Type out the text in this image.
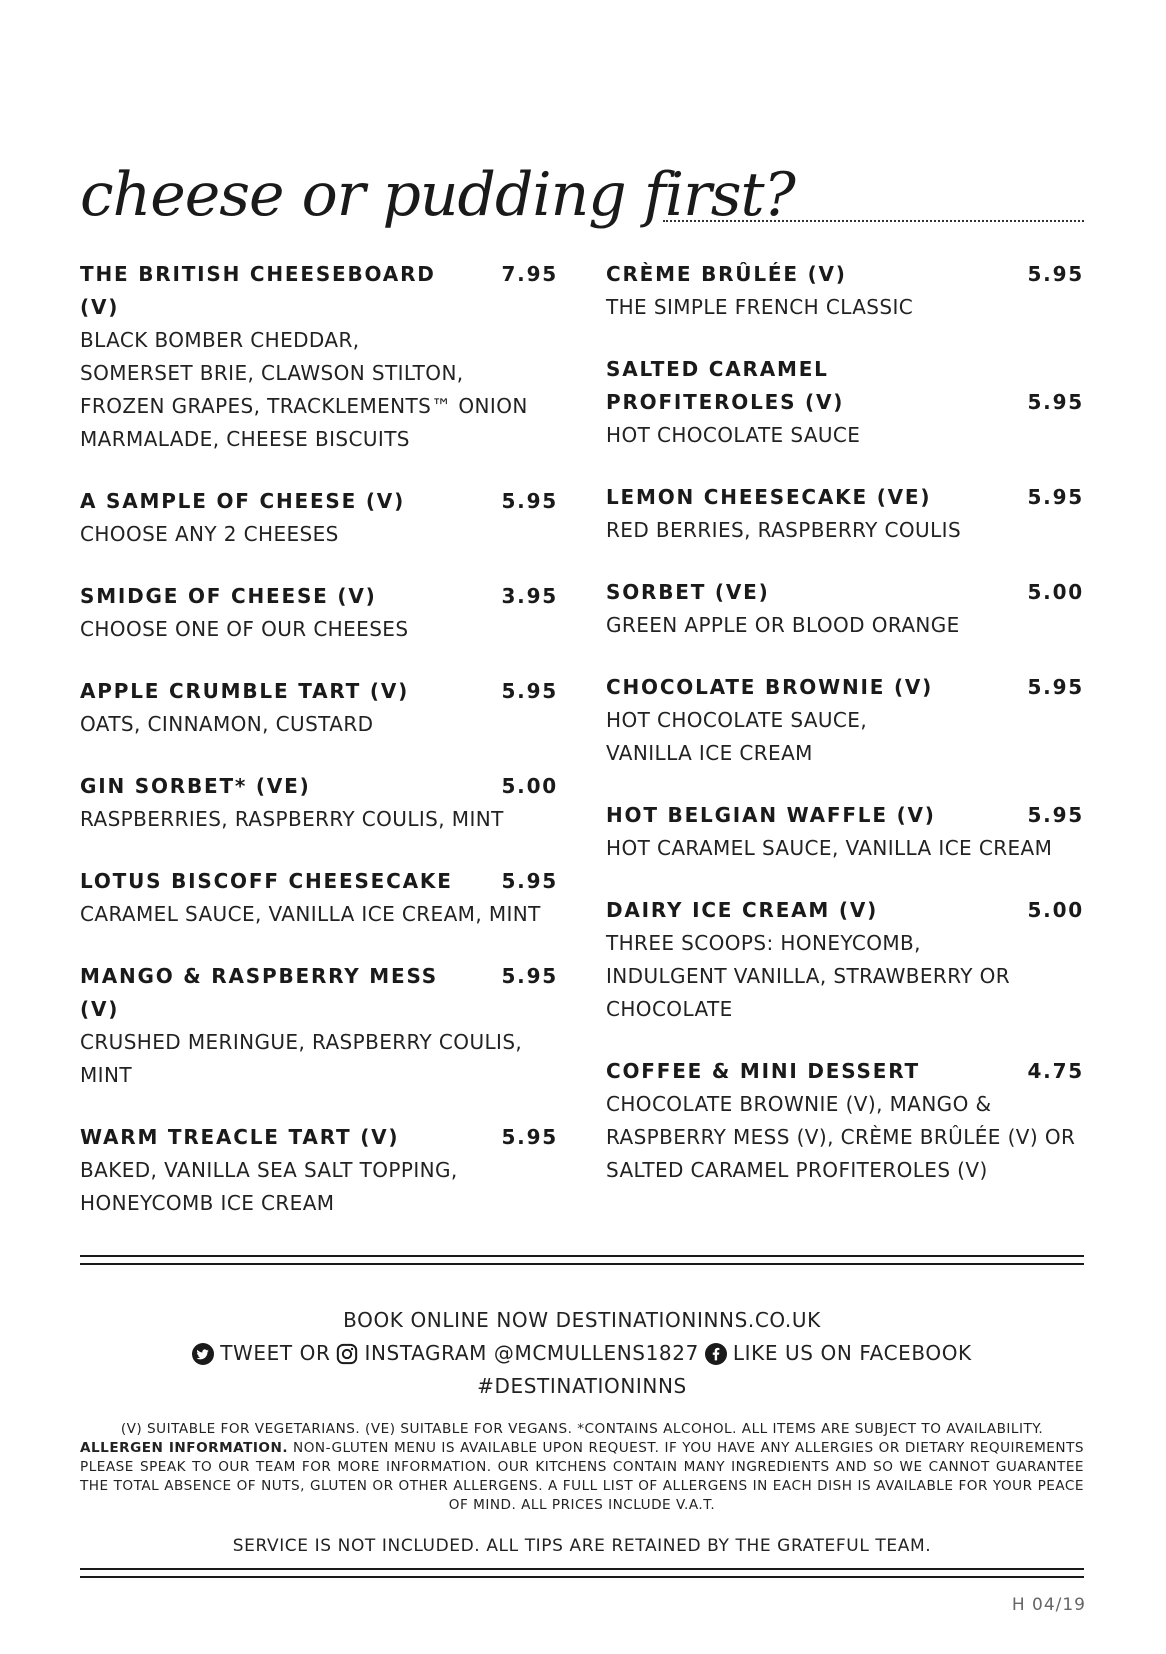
cheese or pudding first?
THE BRITISH CHEESEBOARD (V)
7.95
BLACK BOMBER CHEDDAR,
SOMERSET BRIE, CLAWSON STILTON,
FROZEN GRAPES, TRACKLEMENTS™ ONION
MARMALADE, CHEESE BISCUITS
A SAMPLE OF CHEESE (V)	5.95
CHOOSE ANY 2 CHEESES
SMIDGE OF CHEESE (V)	3.95
CHOOSE ONE OF OUR CHEESES
APPLE CRUMBLE TART (V)	5.95
OATS, CINNAMON, CUSTARD
GIN SORBET* (VE)	5.00
RASPBERRIES, RASPBERRY COULIS, MINT
LOTUS BISCOFF CHEESECAKE 5.95
CARAMEL SAUCE, VANILLA ICE CREAM, MINT
MANGO & RASPBERRY MESS (V)
5.95
CRUSHED MERINGUE, RASPBERRY COULIS,
MINT
WARM TREACLE TART (V)	5.95
BAKED, VANILLA SEA SALT TOPPING,
HONEYCOMB ICE CREAM
CRÈME BRÛLÉE (V)	5.95
THE SIMPLE FRENCH CLASSIC
SALTED CARAMEL
PROFITEROLES (V)	5.95
HOT CHOCOLATE SAUCE
LEMON CHEESECAKE (VE)	5.95
RED BERRIES, RASPBERRY COULIS
SORBET (VE)	5.00
GREEN APPLE OR BLOOD ORANGE
CHOCOLATE BROWNIE (V)	5.95
HOT CHOCOLATE SAUCE,
VANILLA ICE CREAM
HOT BELGIAN WAFFLE (V)	5.95
HOT CARAMEL SAUCE, VANILLA ICE CREAM
DAIRY ICE CREAM (V)	5.00
THREE SCOOPS: HONEYCOMB,
INDULGENT VANILLA, STRAWBERRY OR
CHOCOLATE
COFFEE & MINI DESSERT	4.75
CHOCOLATE BROWNIE (V), MANGO &
RASPBERRY MESS (V), CRÈME BRÛLÉE (V) OR
SALTED CARAMEL PROFITEROLES (V)
BOOK ONLINE NOW DESTINATIONINNS.CO.UK
TWEET OR INSTAGRAM @MCMULLENS1827 LIKE US ON FACEBOOK
#DESTINATIONINNS
(V) SUITABLE FOR VEGETARIANS. (VE) SUITABLE FOR VEGANS. *CONTAINS ALCOHOL. ALL ITEMS ARE SUBJECT TO AVAILABILITY.
ALLERGEN INFORMATION. NON-GLUTEN MENU IS AVAILABLE UPON REQUEST. IF YOU HAVE ANY ALLERGIES OR DIETARY REQUIREMENTS PLEASE SPEAK TO OUR TEAM FOR MORE INFORMATION. OUR KITCHENS CONTAIN MANY INGREDIENTS AND SO WE CANNOT GUARANTEE THE TOTAL ABSENCE OF NUTS, GLUTEN OR OTHER ALLERGENS. A FULL LIST OF ALLERGENS IN EACH DISH IS AVAILABLE FOR YOUR PEACE OF MIND. ALL PRICES INCLUDE V.A.T.
SERVICE IS NOT INCLUDED. ALL TIPS ARE RETAINED BY THE GRATEFUL TEAM.
H 04/19
